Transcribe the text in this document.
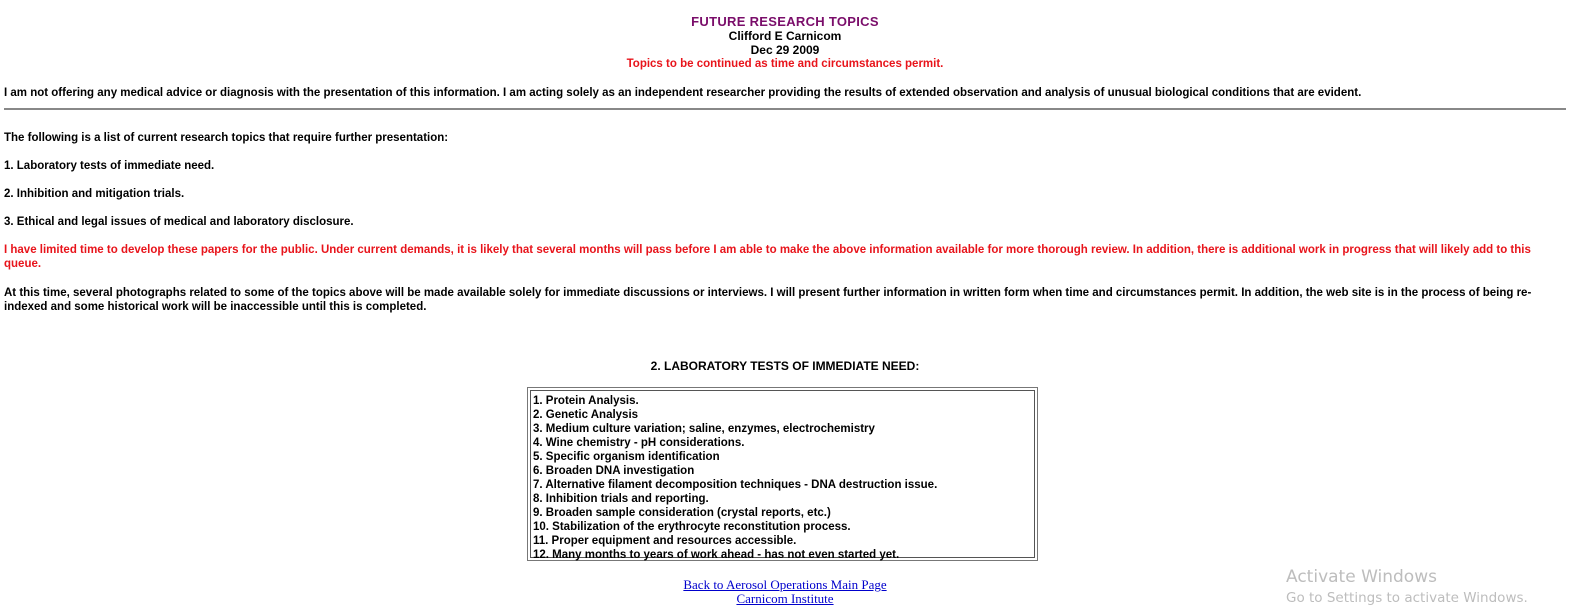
FUTURE RESEARCH TOPICS
Clifford E Carnicom
Dec 29 2009
Topics to be continued as time and circumstances permit.

I am not offering any medical advice or diagnosis with the presentation of this information. I am acting solely as an independent researcher providing the results of extended observation and analysis of unusual biological conditions that are evident.

The following is a list of current research topics that require further presentation:

1. Laboratory tests of immediate need.

2. Inhibition and mitigation trials.

3. Ethical and legal issues of medical and laboratory disclosure.

I have limited time to develop these papers for the public. Under current demands, it is likely that several months will pass before I am able to make the above information available for more thorough review. In addition, there is additional work in progress that will likely add to this queue.

At this time, several photographs related to some of the topics above will be made available solely for immediate discussions or interviews. I will present further information in written form when time and circumstances permit. In addition, the web site is in the process of being re-indexed and some historical work will be inaccessible until this is completed.

2. LABORATORY TESTS OF IMMEDIATE NEED:

1. Protein Analysis.
2. Genetic Analysis
3. Medium culture variation; saline, enzymes, electrochemistry
4. Wine chemistry - pH considerations.
5. Specific organism identification
6. Broaden DNA investigation
7. Alternative filament decomposition techniques - DNA destruction issue.
8. Inhibition trials and reporting.
9. Broaden sample consideration (crystal reports, etc.)
10. Stabilization of the erythrocyte reconstitution process.
11. Proper equipment and resources accessible.
12. Many months to years of work ahead - has not even started yet.
Back to Aerosol Operations Main Page
Carnicom Institute
Activate Windows
Go to Settings to activate Windows.
